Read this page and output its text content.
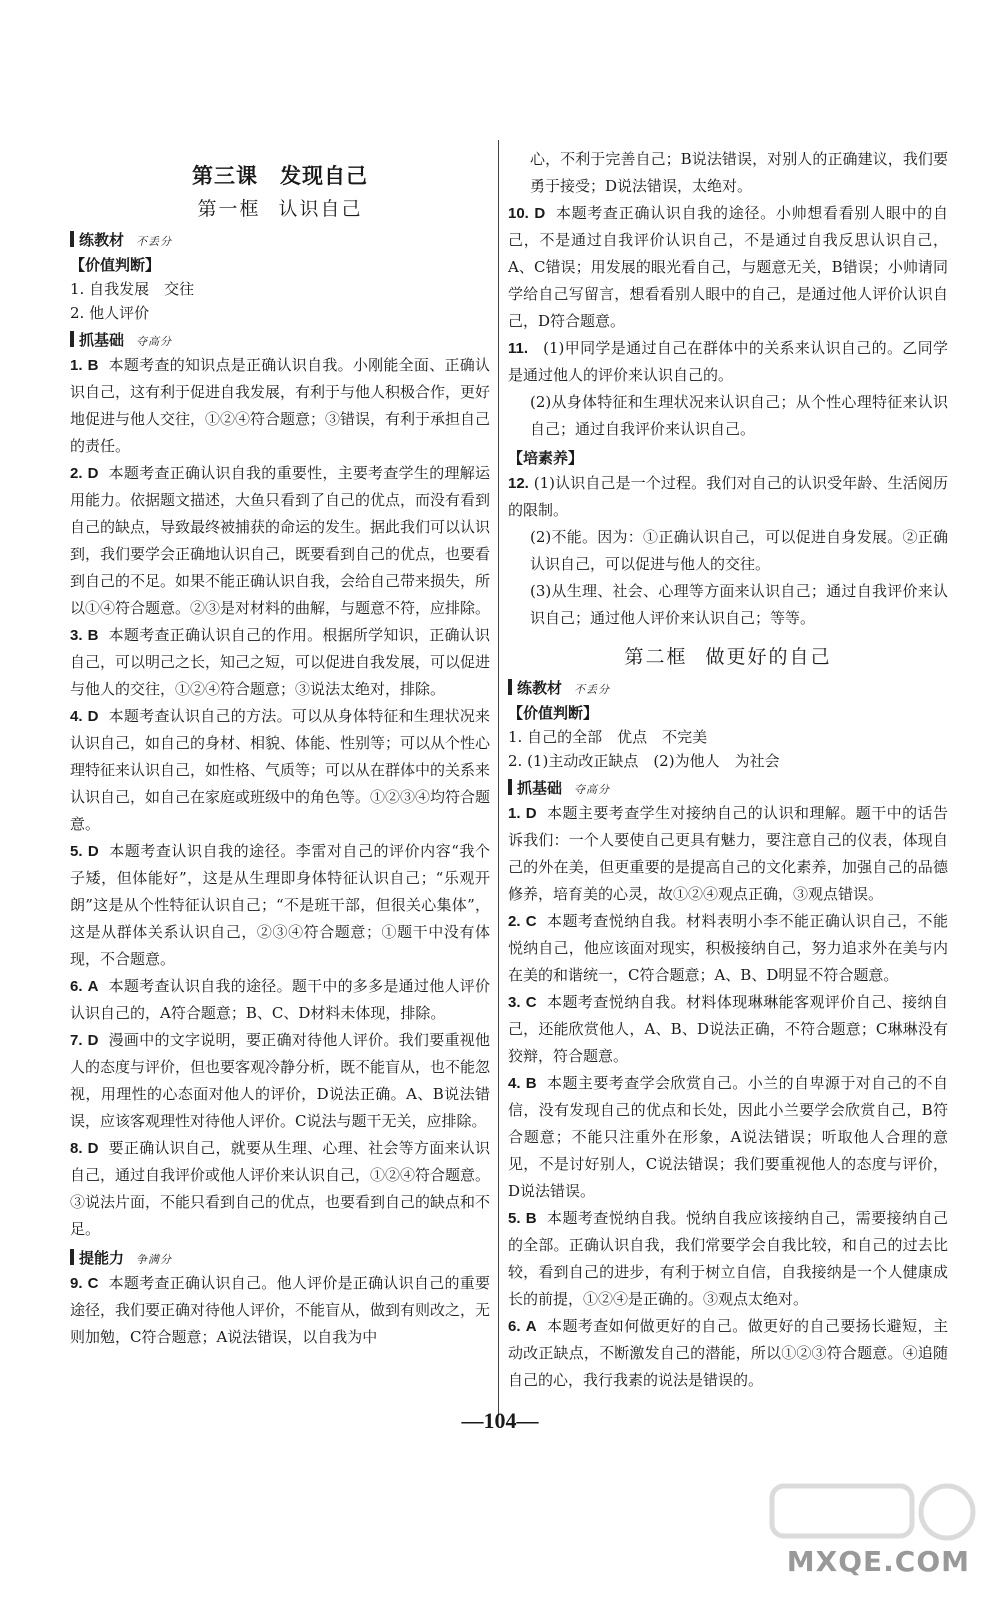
第三课 发现自己
第一框 认识自己
练教材 不丢分
【价值判断】
1. 自我发展　交往
2. 他人评价
抓基础 夺高分
1. B 本题考查的知识点是正确认识自我。小刚能全面、正确认识自己，这有利于促进自我发展，有利于与他人积极合作，更好地促进与他人交往，①②④符合题意；③错误，有利于承担自己的责任。
2. D 本题考查正确认识自我的重要性，主要考查学生的理解运用能力。依据题文描述，大鱼只看到了自己的优点，而没有看到自己的缺点，导致最终被捕获的命运的发生。据此我们可以认识到，我们要学会正确地认识自己，既要看到自己的优点，也要看到自己的不足。如果不能正确认识自我，会给自己带来损失，所以①④符合题意。②③是对材料的曲解，与题意不符，应排除。
3. B 本题考查正确认识自己的作用。根据所学知识，正确认识自己，可以明己之长，知己之短，可以促进自我发展，可以促进与他人的交往，①②④符合题意；③说法太绝对，排除。
4. D 本题考查认识自己的方法。可以从身体特征和生理状况来认识自己，如自己的身材、相貌、体能、性别等；可以从个性心理特征来认识自己，如性格、气质等；可以从在群体中的关系来认识自己，如自己在家庭或班级中的角色等。①②③④均符合题意。
5. D 本题考查认识自我的途径。李雷对自己的评价内容“我个子矮，但体能好”，这是从生理即身体特征认识自己；“乐观开朗”这是从个性特征认识自己；“不是班干部，但很关心集体”，这是从群体关系认识自己，②③④符合题意；①题干中没有体现，不合题意。
6. A 本题考查认识自我的途径。题干中的多多是通过他人评价认识自己的，A符合题意；B、C、D材料未体现，排除。
7. D 漫画中的文字说明，要正确对待他人评价。我们要重视他人的态度与评价，但也要客观冷静分析，既不能盲从，也不能忽视，用理性的心态面对他人的评价，D说法正确。A、B说法错误，应该客观理性对待他人评价。C说法与题干无关，应排除。
8. D 要正确认识自己，就要从生理、心理、社会等方面来认识自己，通过自我评价或他人评价来认识自己，①②④符合题意。③说法片面，不能只看到自己的优点，也要看到自己的缺点和不足。
提能力 争满分
9. C 本题考查正确认识自己。他人评价是正确认识自己的重要途径，我们要正确对待他人评价，不能盲从，做到有则改之，无则加勉，C符合题意；A说法错误，以自我为中
心，不利于完善自己；B说法错误，对别人的正确建议，我们要勇于接受；D说法错误，太绝对。
10. D 本题考查正确认识自我的途径。小帅想看看别人眼中的自己，不是通过自我评价认识自己，不是通过自我反思认识自己，A、C错误；用发展的眼光看自己，与题意无关，B错误；小帅请同学给自己写留言，想看看别人眼中的自己，是通过他人评价认识自己，D符合题意。
11. (1)甲同学是通过自己在群体中的关系来认识自己的。乙同学是通过他人的评价来认识自己的。
(2)从身体特征和生理状况来认识自己；从个性心理特征来认识自己；通过自我评价来认识自己。
【培素养】
12. (1)认识自己是一个过程。我们对自己的认识受年龄、生活阅历的限制。
(2)不能。因为：①正确认识自己，可以促进自身发展。②正确认识自己，可以促进与他人的交往。
(3)从生理、社会、心理等方面来认识自己；通过自我评价来认识自己；通过他人评价来认识自己；等等。
第二框 做更好的自己
练教材 不丢分
【价值判断】
1. 自己的全部　优点　不完美
2. (1)主动改正缺点　(2)为他人　为社会
抓基础 夺高分
1. D 本题主要考查学生对接纳自己的认识和理解。题干中的话告诉我们：一个人要使自己更具有魅力，要注意自己的仪表，体现自己的外在美，但更重要的是提高自己的文化素养，加强自己的品德修养，培育美的心灵，故①②④观点正确，③观点错误。
2. C 本题考查悦纳自我。材料表明小李不能正确认识自己，不能悦纳自己，他应该面对现实，积极接纳自己，努力追求外在美与内在美的和谐统一，C符合题意；A、B、D明显不符合题意。
3. C 本题考查悦纳自我。材料体现琳琳能客观评价自己、接纳自己，还能欣赏他人，A、B、D说法正确，不符合题意；C琳琳没有狡辩，符合题意。
4. B 本题主要考查学会欣赏自己。小兰的自卑源于对自己的不自信，没有发现自己的优点和长处，因此小兰要学会欣赏自己，B符合题意；不能只注重外在形象，A说法错误；听取他人合理的意见，不是讨好别人，C说法错误；我们要重视他人的态度与评价，D说法错误。
5. B 本题考查悦纳自我。悦纳自我应该接纳自己，需要接纳自己的全部。正确认识自我，我们常要学会自我比较，和自己的过去比较，看到自己的进步，有利于树立自信，自我接纳是一个人健康成长的前提，①②④是正确的。③观点太绝对。
6. A 本题考查如何做更好的自己。做更好的自己要扬长避短，主动改正缺点，不断激发自己的潜能，所以①②③符合题意。④追随自己的心，我行我素的说法是错误的。
—104—
MXQE.COM
